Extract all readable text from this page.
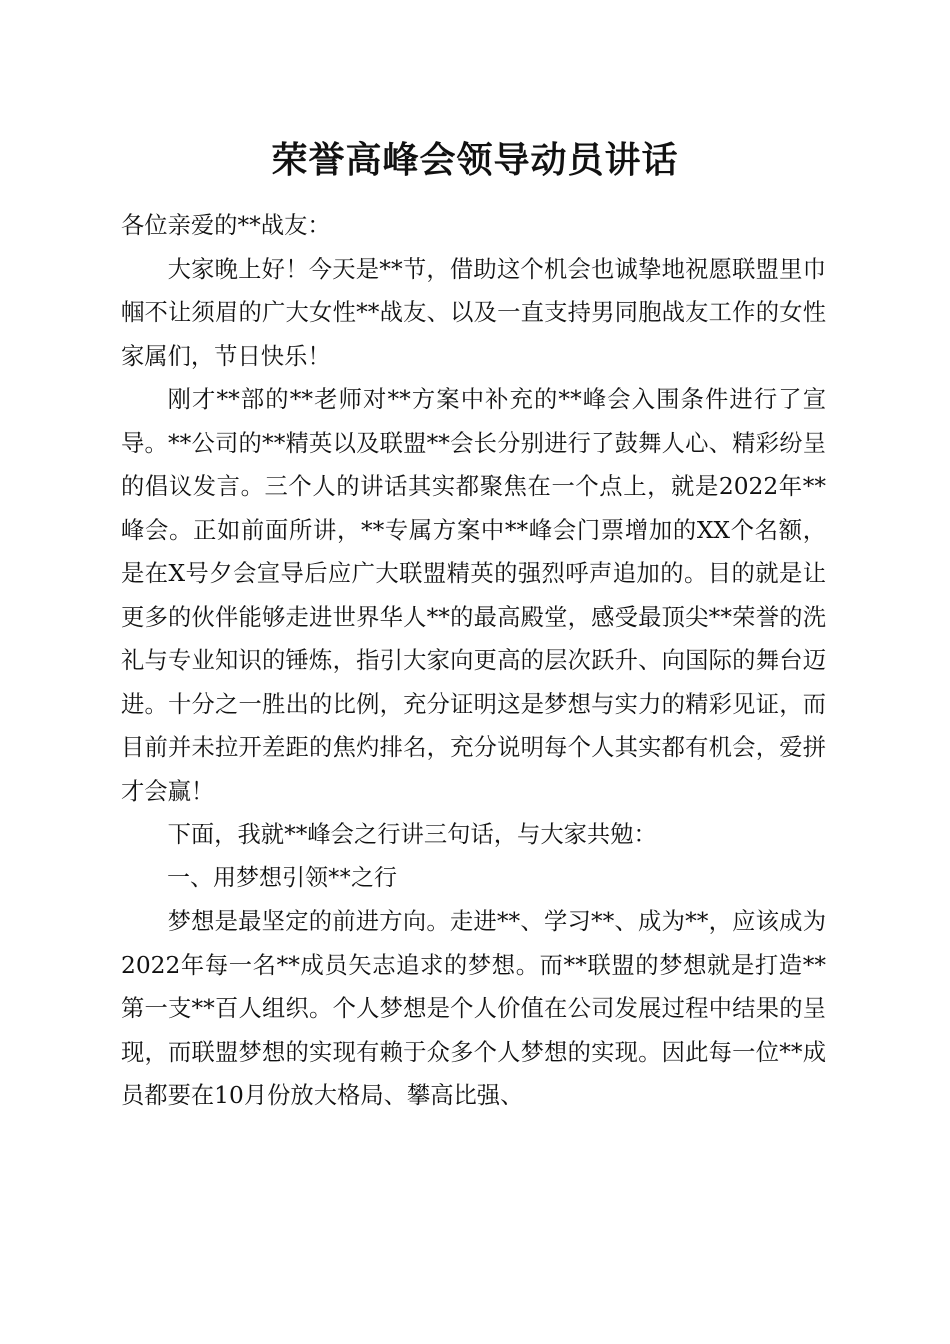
荣誉高峰会领导动员讲话

各位亲爱的**战友：

大家晚上好！今天是**节，借助这个机会也诚挚地祝愿联盟里巾帼不让须眉的广大女性**战友、以及一直支持男同胞战友工作的女性家属们，节日快乐！

刚才**部的**老师对**方案中补充的**峰会入围条件进行了宣导。**公司的**精英以及联盟**会长分别进行了鼓舞人心、精彩纷呈的倡议发言。三个人的讲话其实都聚焦在一个点上，就是2022年**峰会。正如前面所讲，**专属方案中**峰会门票增加的XX个名额，是在X号夕会宣导后应广大联盟精英的强烈呼声追加的。目的就是让更多的伙伴能够走进世界华人**的最高殿堂，感受最顶尖**荣誉的洗礼与专业知识的锤炼，指引大家向更高的层次跃升、向国际的舞台迈进。十分之一胜出的比例，充分证明这是梦想与实力的精彩见证，而目前并未拉开差距的焦灼排名，充分说明每个人其实都有机会，爱拼才会赢！

下面，我就**峰会之行讲三句话，与大家共勉：

一、用梦想引领**之行

梦想是最坚定的前进方向。走进**、学习**、成为**，应该成为2022年每一名**成员矢志追求的梦想。而**联盟的梦想就是打造**第一支**百人组织。个人梦想是个人价值在公司发展过程中结果的呈现，而联盟梦想的实现有赖于众多个人梦想的实现。因此每一位**成员都要在10月份放大格局、攀高比强、
